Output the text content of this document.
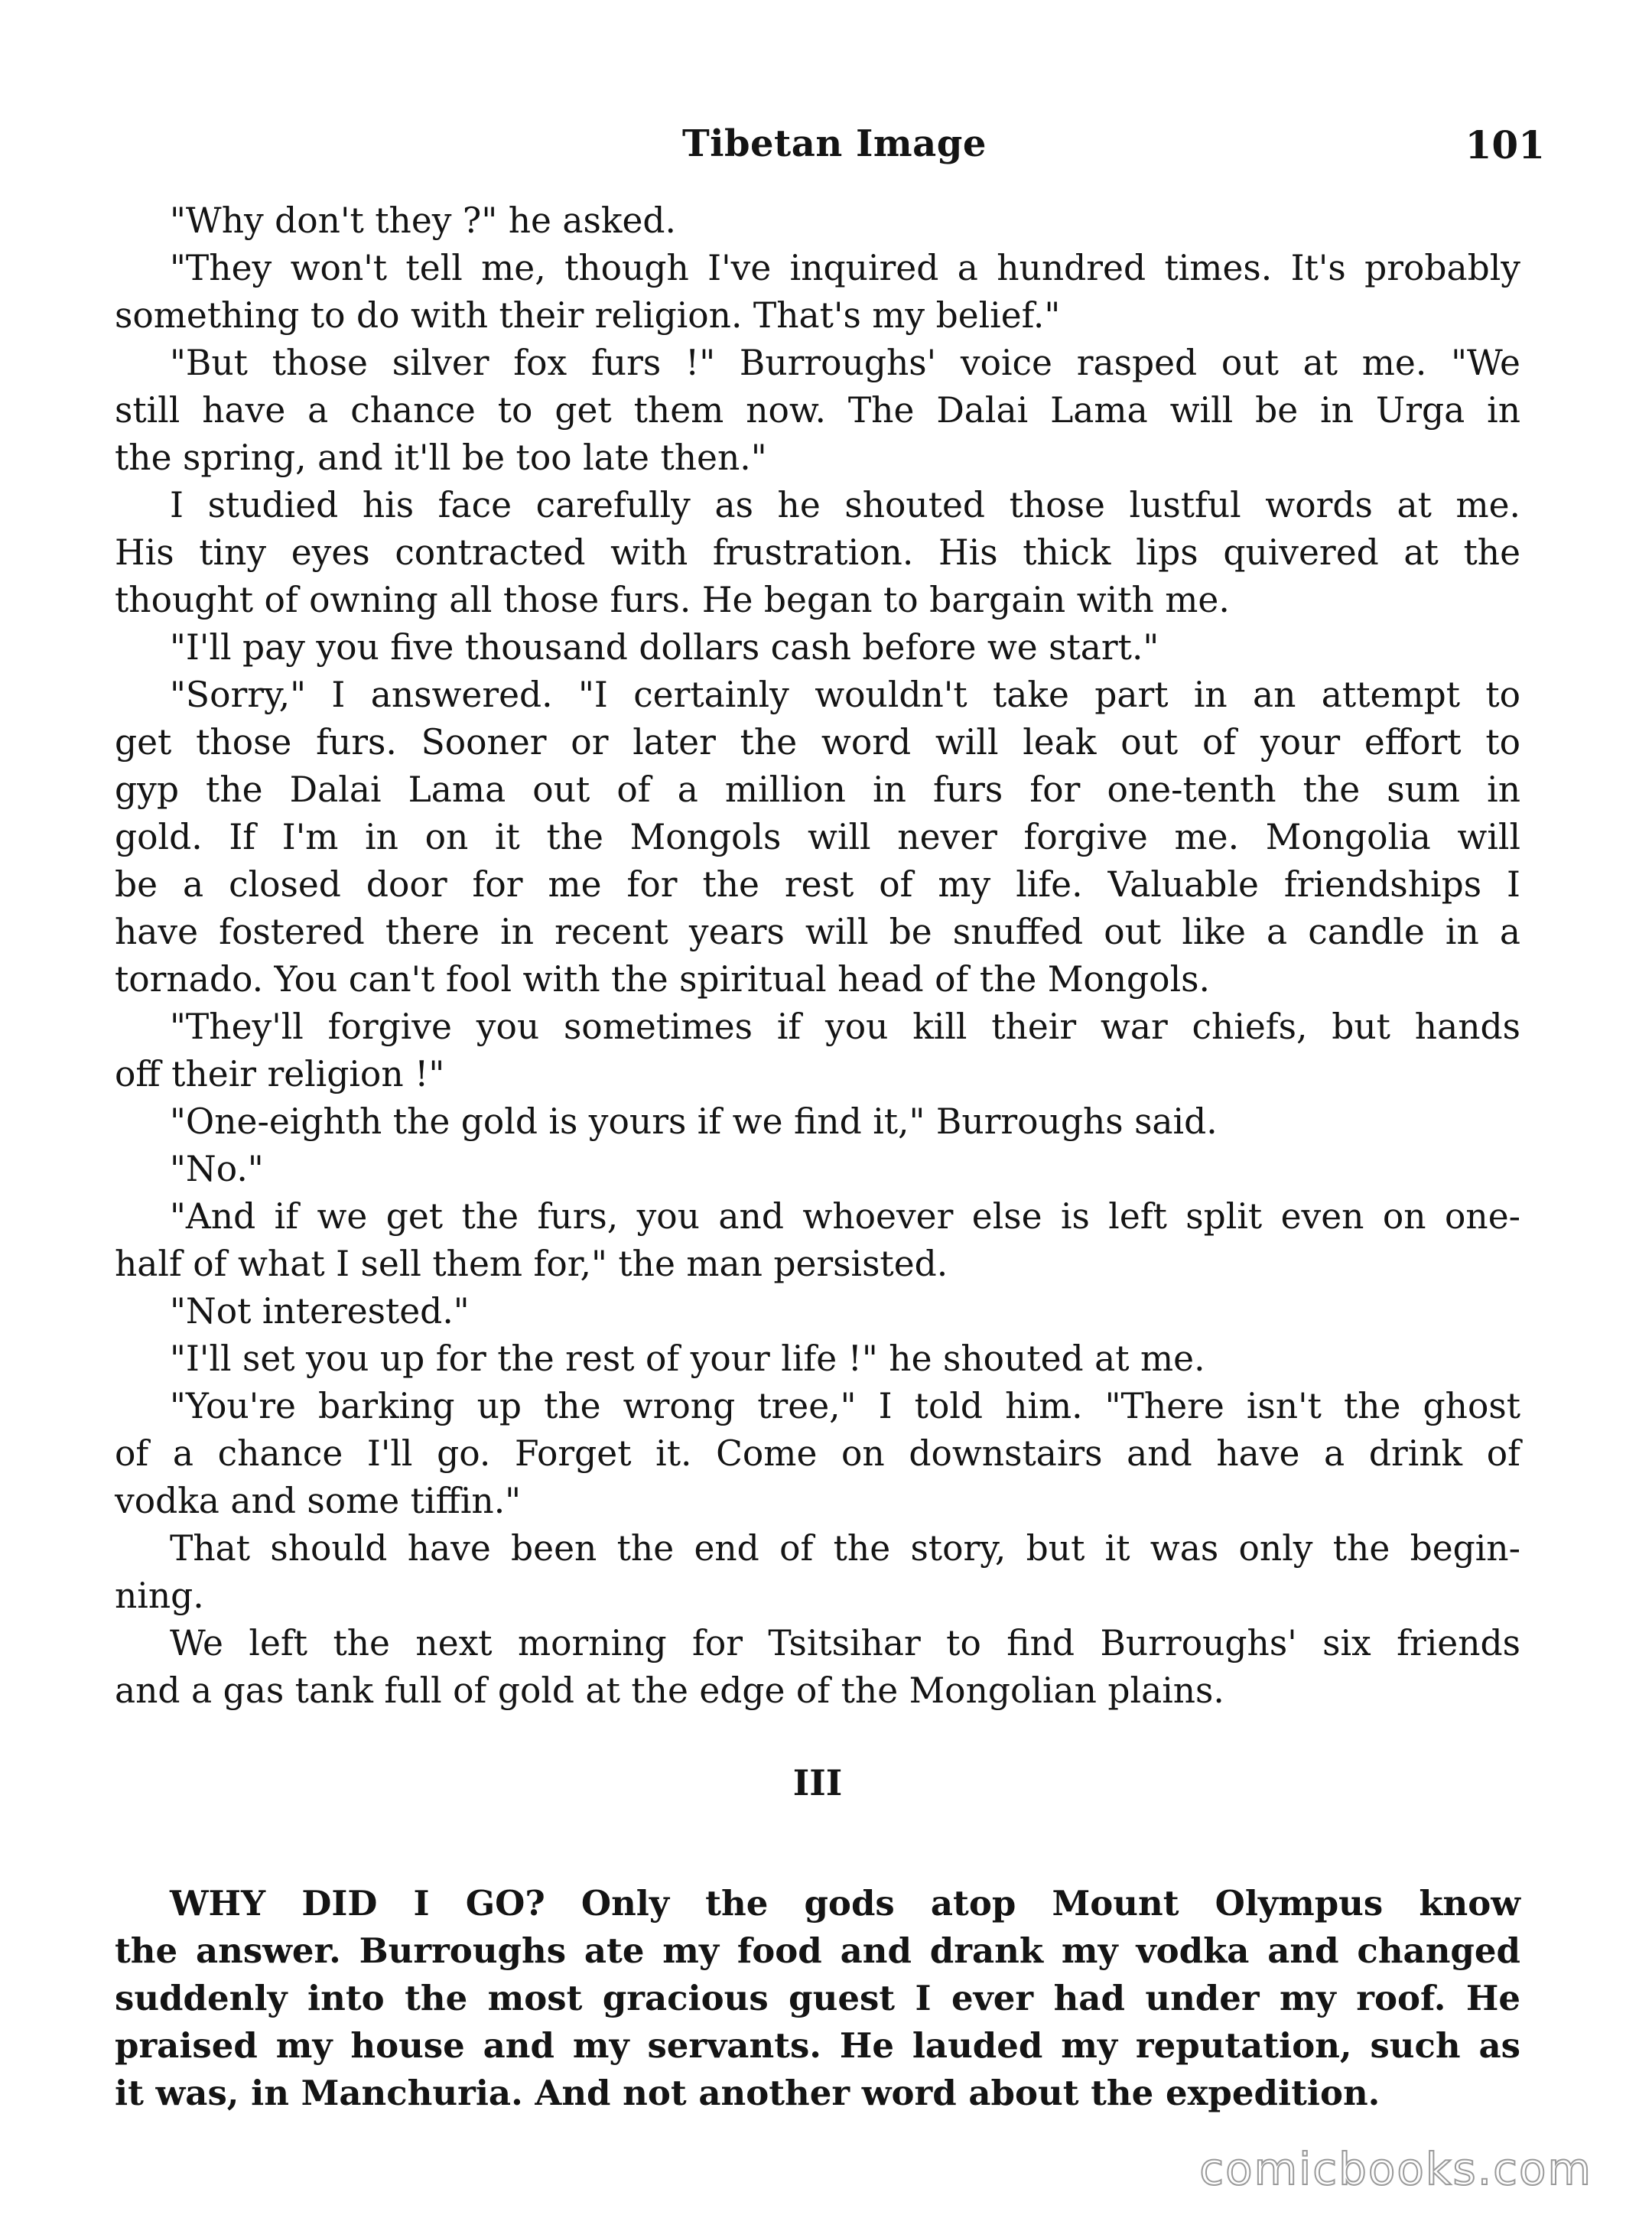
Tibetan Image	101
"Why don't they ?" he asked.
"They won't tell me, though I've inquired a hundred times. It's probably
something to do with their religion. That's my belief."
"But those silver fox furs !" Burroughs' voice rasped out at me. "We
still have a chance to get them now. The Dalai Lama will be in Urga in
the spring, and it'll be too late then."
I studied his face carefully as he shouted those lustful words at me.
His tiny eyes contracted with frustration. His thick lips quivered at the
thought of owning all those furs. He began to bargain with me.
"I'll pay you five thousand dollars cash before we start."
"Sorry," I answered. "I certainly wouldn't take part in an attempt to
get those furs. Sooner or later the word will leak out of your effort to
gyp the Dalai Lama out of a million in furs for one-tenth the sum in
gold. If I'm in on it the Mongols will never forgive me. Mongolia will
be a closed door for me for the rest of my life. Valuable friendships I
have fostered there in recent years will be snuffed out like a candle in a
tornado. You can't fool with the spiritual head of the Mongols.
"They'll forgive you sometimes if you kill their war chiefs, but hands
off their religion !"
"One-eighth the gold is yours if we find it," Burroughs said.
"No."
"And if we get the furs, you and whoever else is left split even on one-
half of what I sell them for," the man persisted.
"Not interested."
"I'll set you up for the rest of your life !" he shouted at me.
"You're barking up the wrong tree," I told him. "There isn't the ghost
of a chance I'll go. Forget it. Come on downstairs and have a drink of
vodka and some tiffin."
That should have been the end of the story, but it was only the begin-
ning.
We left the next morning for Tsitsihar to find Burroughs' six friends
and a gas tank full of gold at the edge of the Mongolian plains.
III
WHY DID I GO? Only the gods atop Mount Olympus know
the answer. Burroughs ate my food and drank my vodka and changed
suddenly into the most gracious guest I ever had under my roof. He
praised my house and my servants. He lauded my reputation, such as
it was, in Manchuria. And not another word about the expedition.
comicbooks.com
